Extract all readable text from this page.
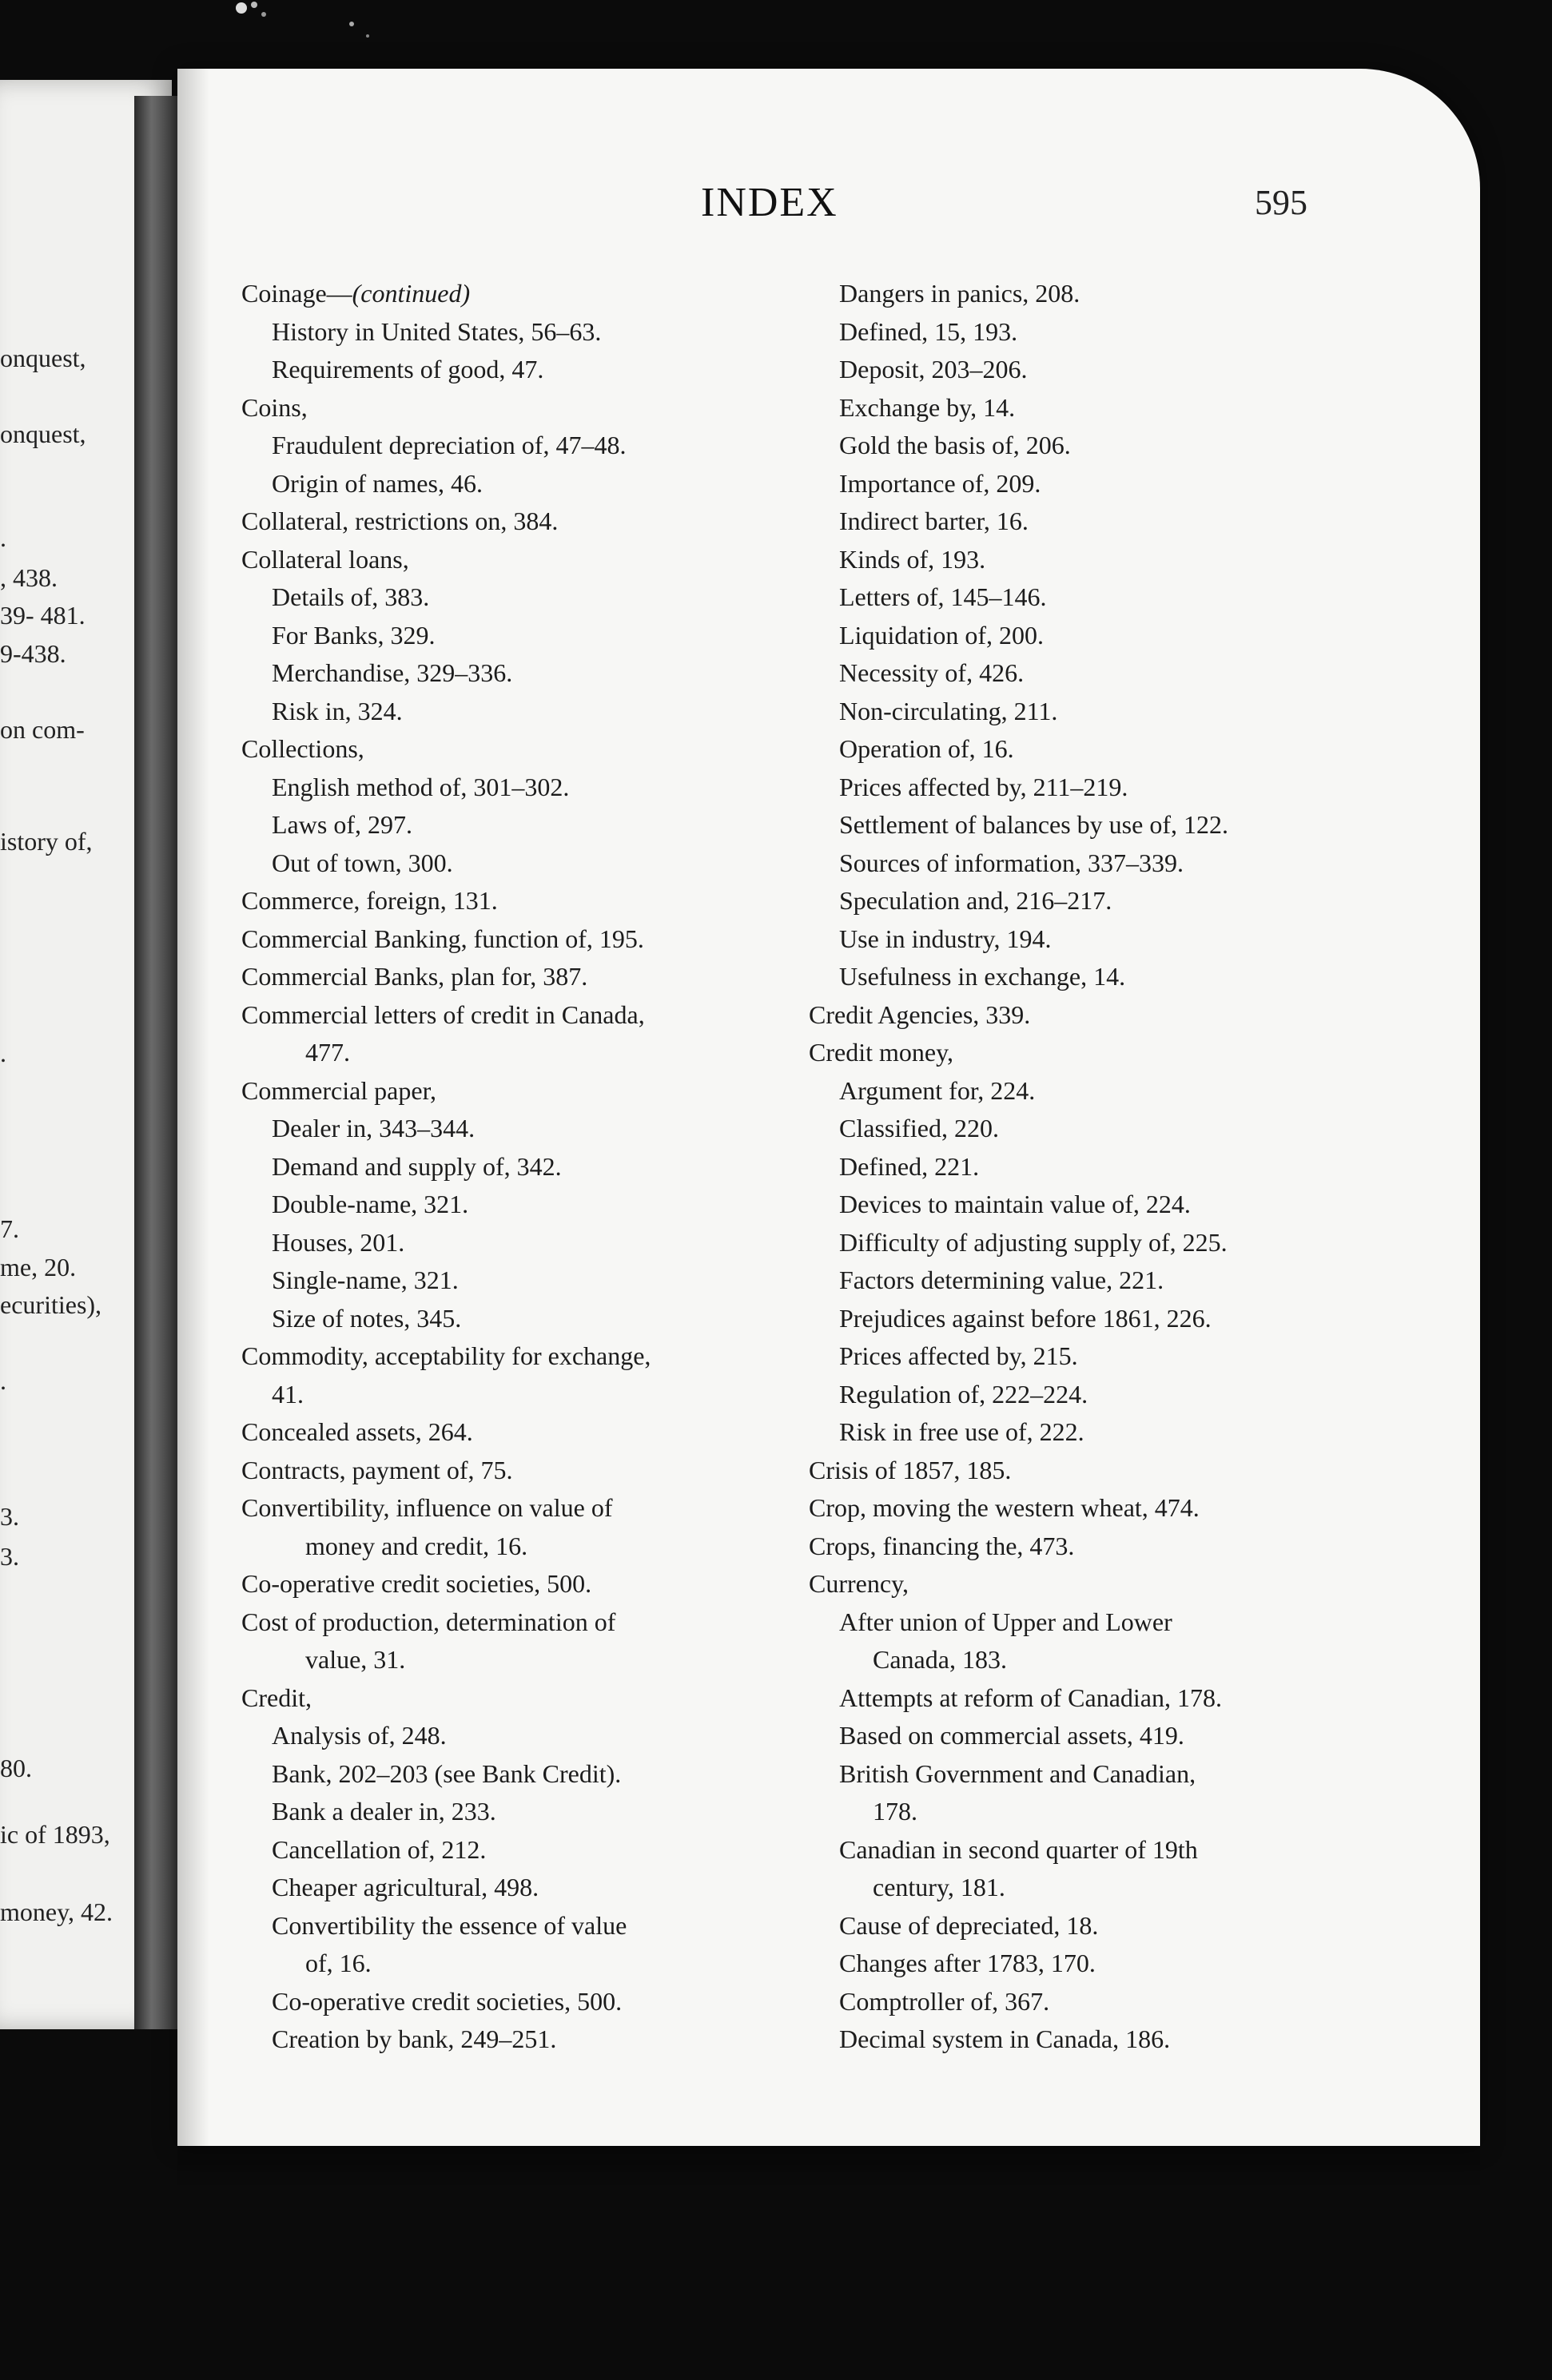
onquest,
onquest,
.
, 438.
39- 481.
9-438.
on com-
istory of,
.
7.
me, 20.
ecurities),
.
3.
3.
80.
ic of 1893,
money, 42.
INDEX	595
Coinage—(continued)
History in United States, 56–63.
Requirements of good, 47.
Coins,
Fraudulent depreciation of, 47–48.
Origin of names, 46.
Collateral, restrictions on, 384.
Collateral loans,
Details of, 383.
For Banks, 329.
Merchandise, 329–336.
Risk in, 324.
Collections,
English method of, 301–302.
Laws of, 297.
Out of town, 300.
Commerce, foreign, 131.
Commercial Banking, function of, 195.
Commercial Banks, plan for, 387.
Commercial letters of credit in Canada,
477.
Commercial paper,
Dealer in, 343–344.
Demand and supply of, 342.
Double-name, 321.
Houses, 201.
Single-name, 321.
Size of notes, 345.
Commodity, acceptability for exchange,
41.
Concealed assets, 264.
Contracts, payment of, 75.
Convertibility, influence on value of
money and credit, 16.
Co-operative credit societies, 500.
Cost of production, determination of
value, 31.
Credit,
Analysis of, 248.
Bank, 202–203 (see Bank Credit).
Bank a dealer in, 233.
Cancellation of, 212.
Cheaper agricultural, 498.
Convertibility the essence of value
of, 16.
Co-operative credit societies, 500.
Creation by bank, 249–251.
Dangers in panics, 208.
Defined, 15, 193.
Deposit, 203–206.
Exchange by, 14.
Gold the basis of, 206.
Importance of, 209.
Indirect barter, 16.
Kinds of, 193.
Letters of, 145–146.
Liquidation of, 200.
Necessity of, 426.
Non-circulating, 211.
Operation of, 16.
Prices affected by, 211–219.
Settlement of balances by use of, 122.
Sources of information, 337–339.
Speculation and, 216–217.
Use in industry, 194.
Usefulness in exchange, 14.
Credit Agencies, 339.
Credit money,
Argument for, 224.
Classified, 220.
Defined, 221.
Devices to maintain value of, 224.
Difficulty of adjusting supply of, 225.
Factors determining value, 221.
Prejudices against before 1861, 226.
Prices affected by, 215.
Regulation of, 222–224.
Risk in free use of, 222.
Crisis of 1857, 185.
Crop, moving the western wheat, 474.
Crops, financing the, 473.
Currency,
After union of Upper and Lower
Canada, 183.
Attempts at reform of Canadian, 178.
Based on commercial assets, 419.
British Government and Canadian,
178.
Canadian in second quarter of 19th
century, 181.
Cause of depreciated, 18.
Changes after 1783, 170.
Comptroller of, 367.
Decimal system in Canada, 186.
